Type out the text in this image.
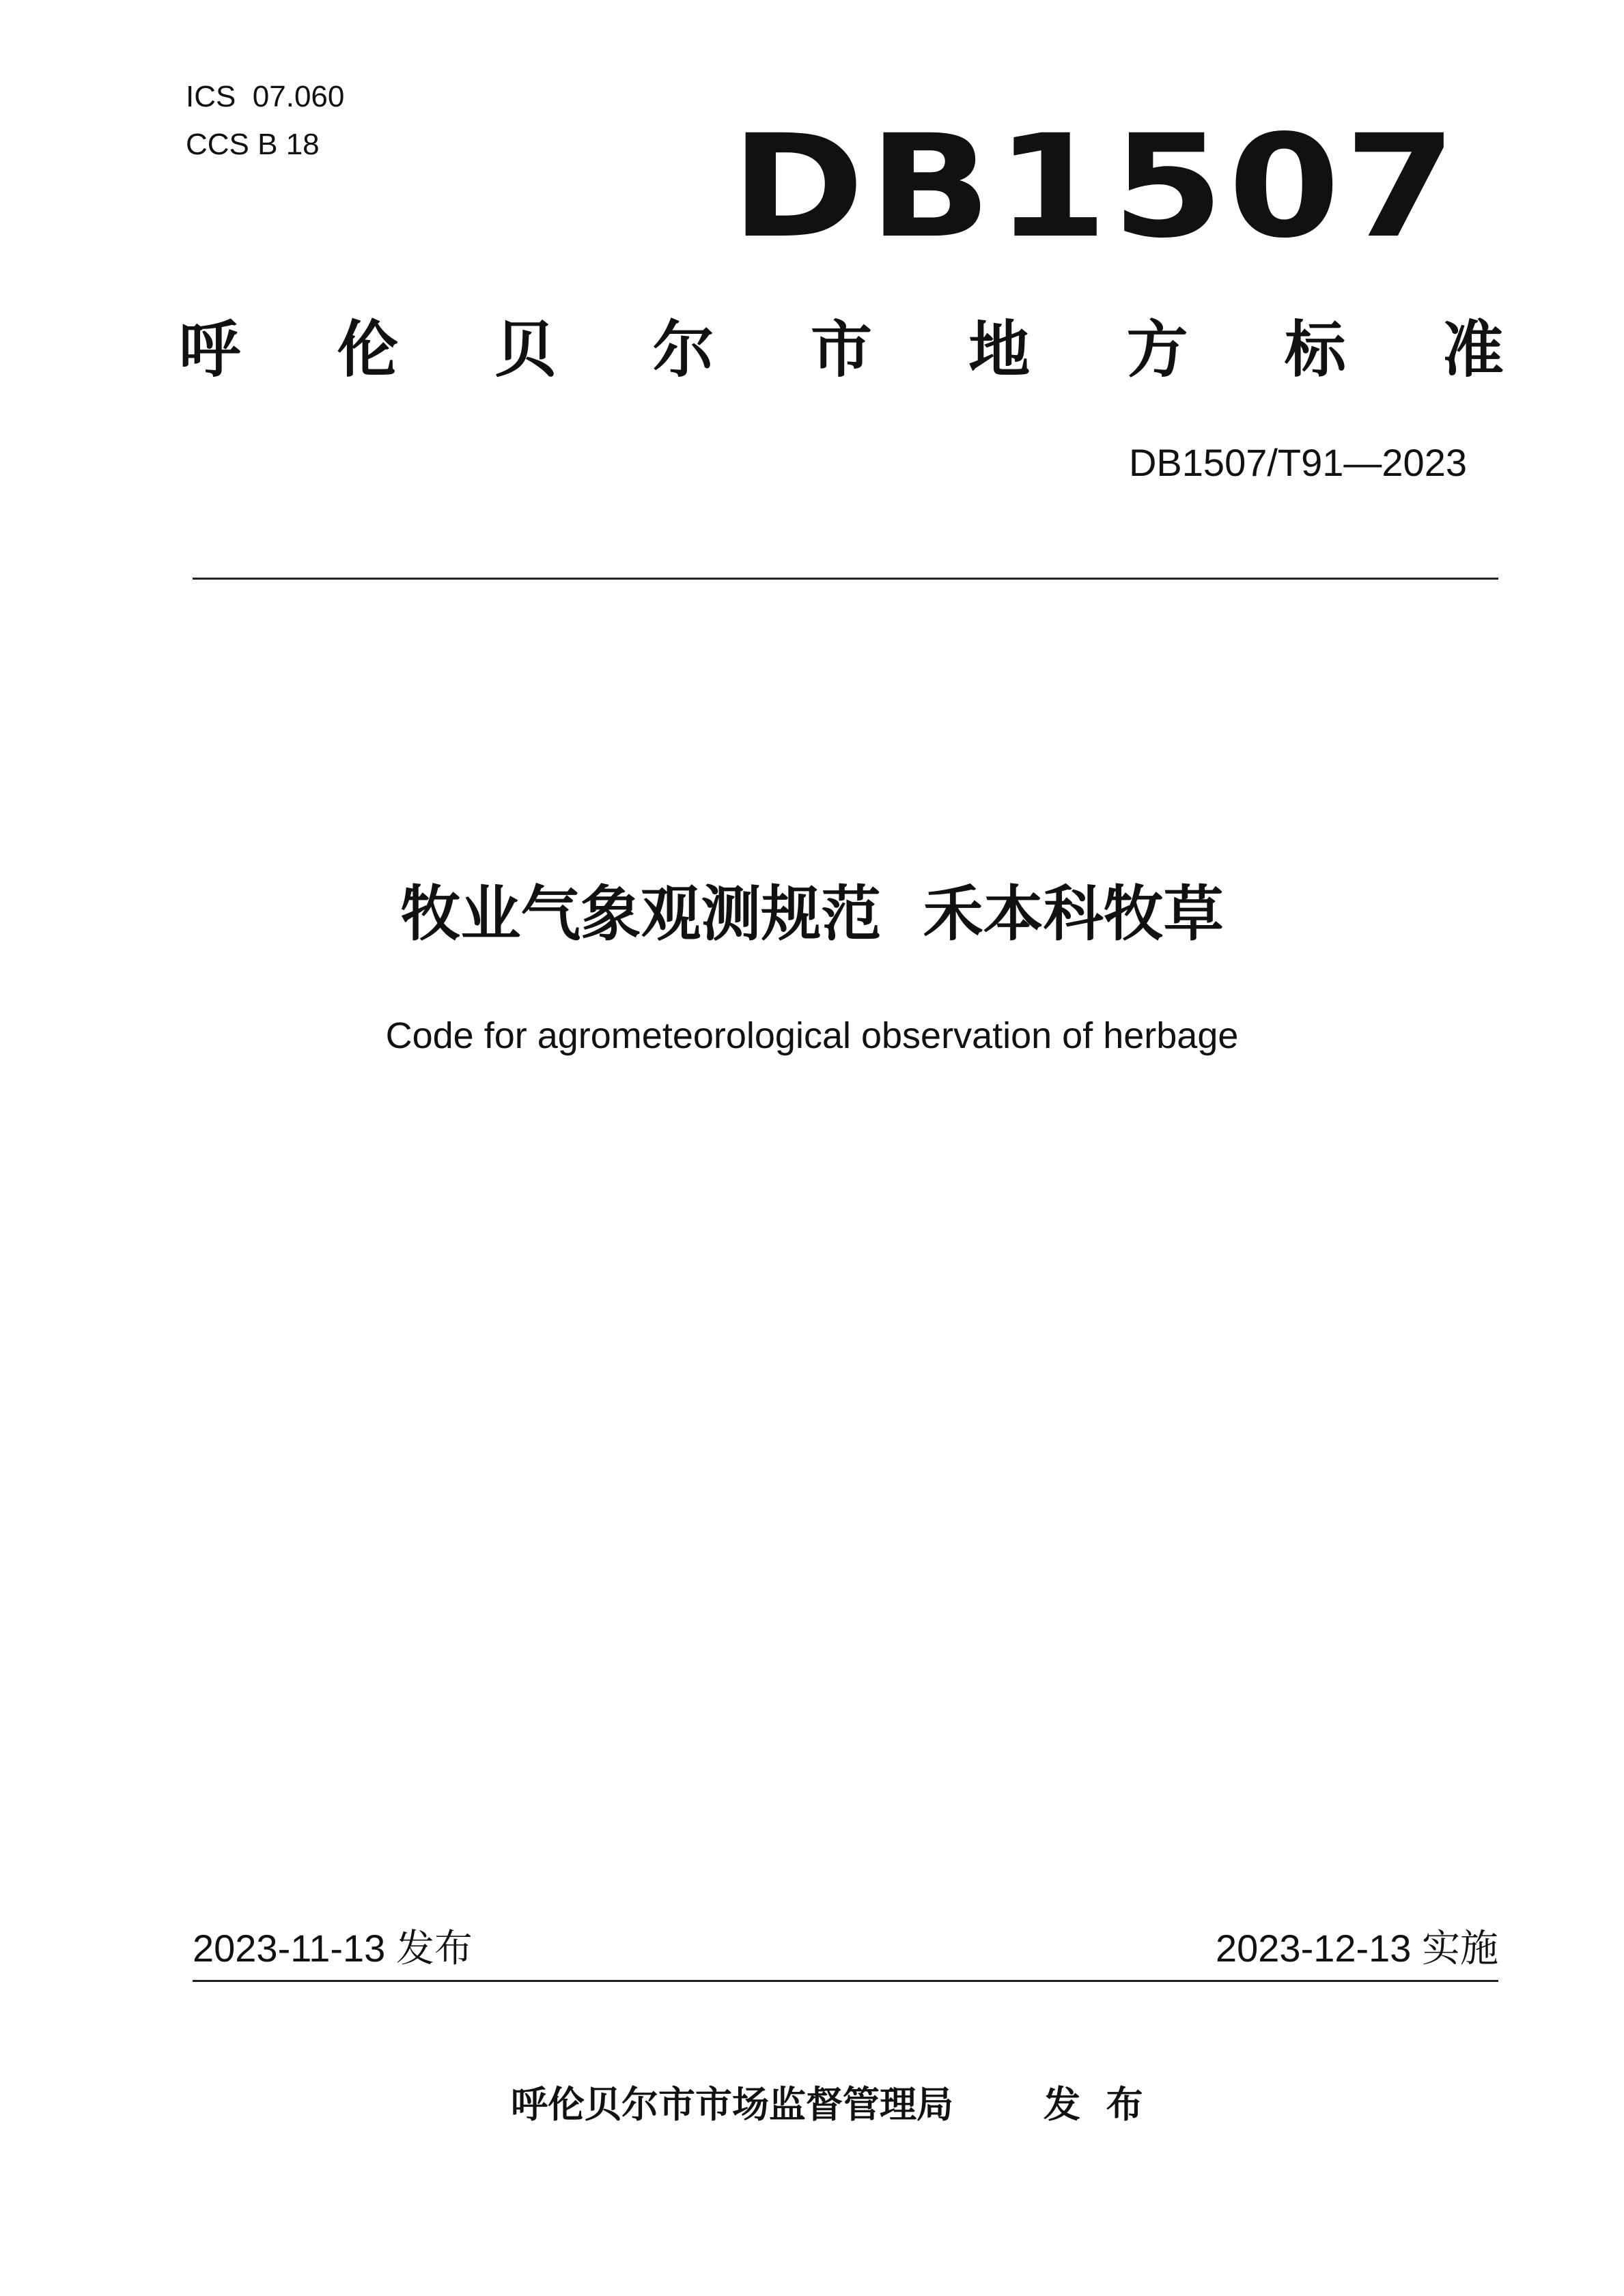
ICS  07.060
CCS B 18	DB1507
呼 伦 贝 尔 市 地 方 标 准
DB1507/T91—2023
牧业气象观测规范  禾本科牧草
Code for agrometeorological observation of herbage
2023-11-13 发布	2023-12-13 实施
呼伦贝尔市市场监督管理局 发  布
